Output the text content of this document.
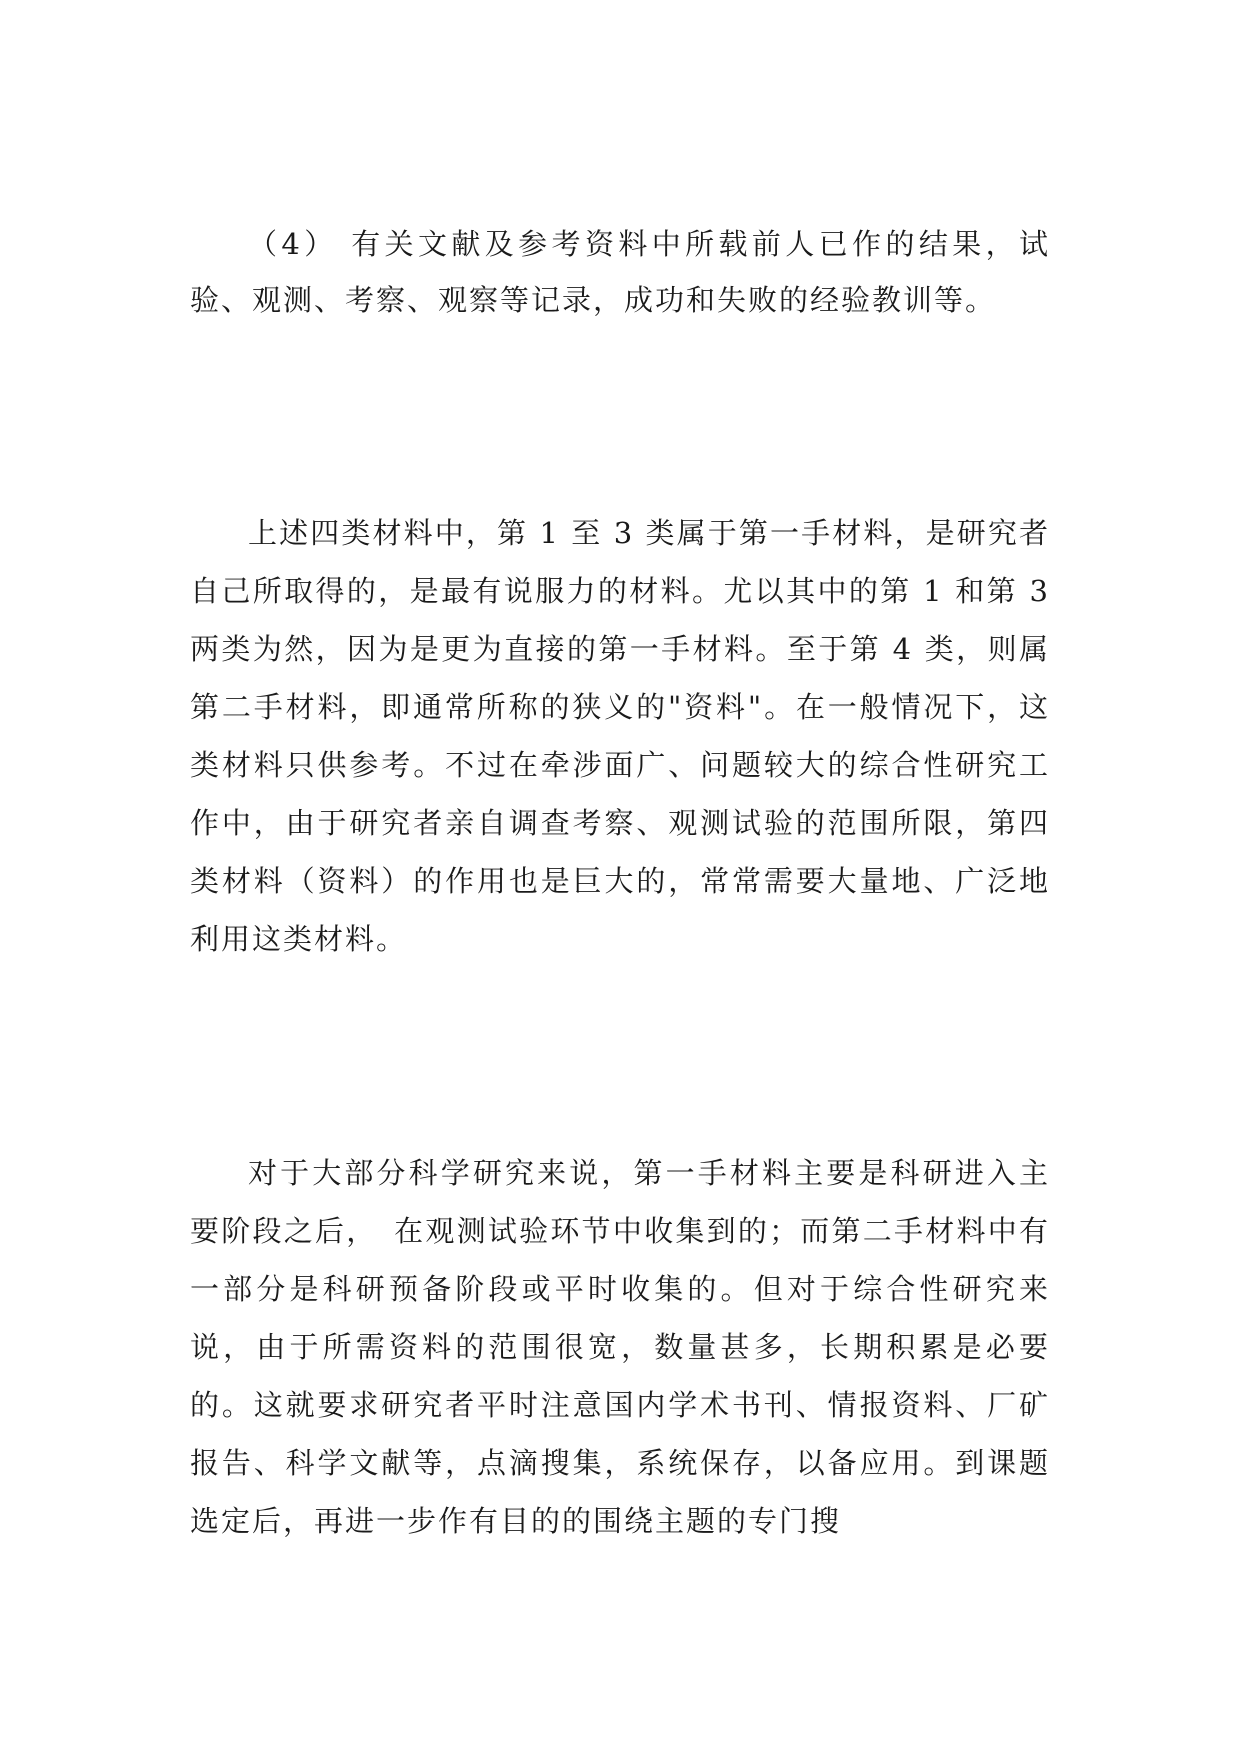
（4） 有关文献及参考资料中所载前人已作的结果，试验、观测、考察、观察等记录，成功和失败的经验教训等。

上述四类材料中，第 1 至 3 类属于第一手材料，是研究者自己所取得的，是最有说服力的材料。尤以其中的第 1 和第 3 两类为然，因为是更为直接的第一手材料。至于第 4 类，则属第二手材料，即通常所称的狭义的"资料"。在一般情况下，这类材料只供参考。不过在牵涉面广、问题较大的综合性研究工作中，由于研究者亲自调查考察、观测试验的范围所限，第四类材料（资料）的作用也是巨大的，常常需要大量地、广泛地利用这类材料。

对于大部分科学研究来说，第一手材料主要是科研进入主要阶段之后，　在观测试验环节中收集到的；而第二手材料中有一部分是科研预备阶段或平时收集的。但对于综合性研究来说，由于所需资料的范围很宽，数量甚多，长期积累是必要的。这就要求研究者平时注意国内学术书刊、情报资料、厂矿报告、科学文献等，点滴搜集，系统保存，以备应用。到课题选定后，再进一步作有目的的围绕主题的专门搜
